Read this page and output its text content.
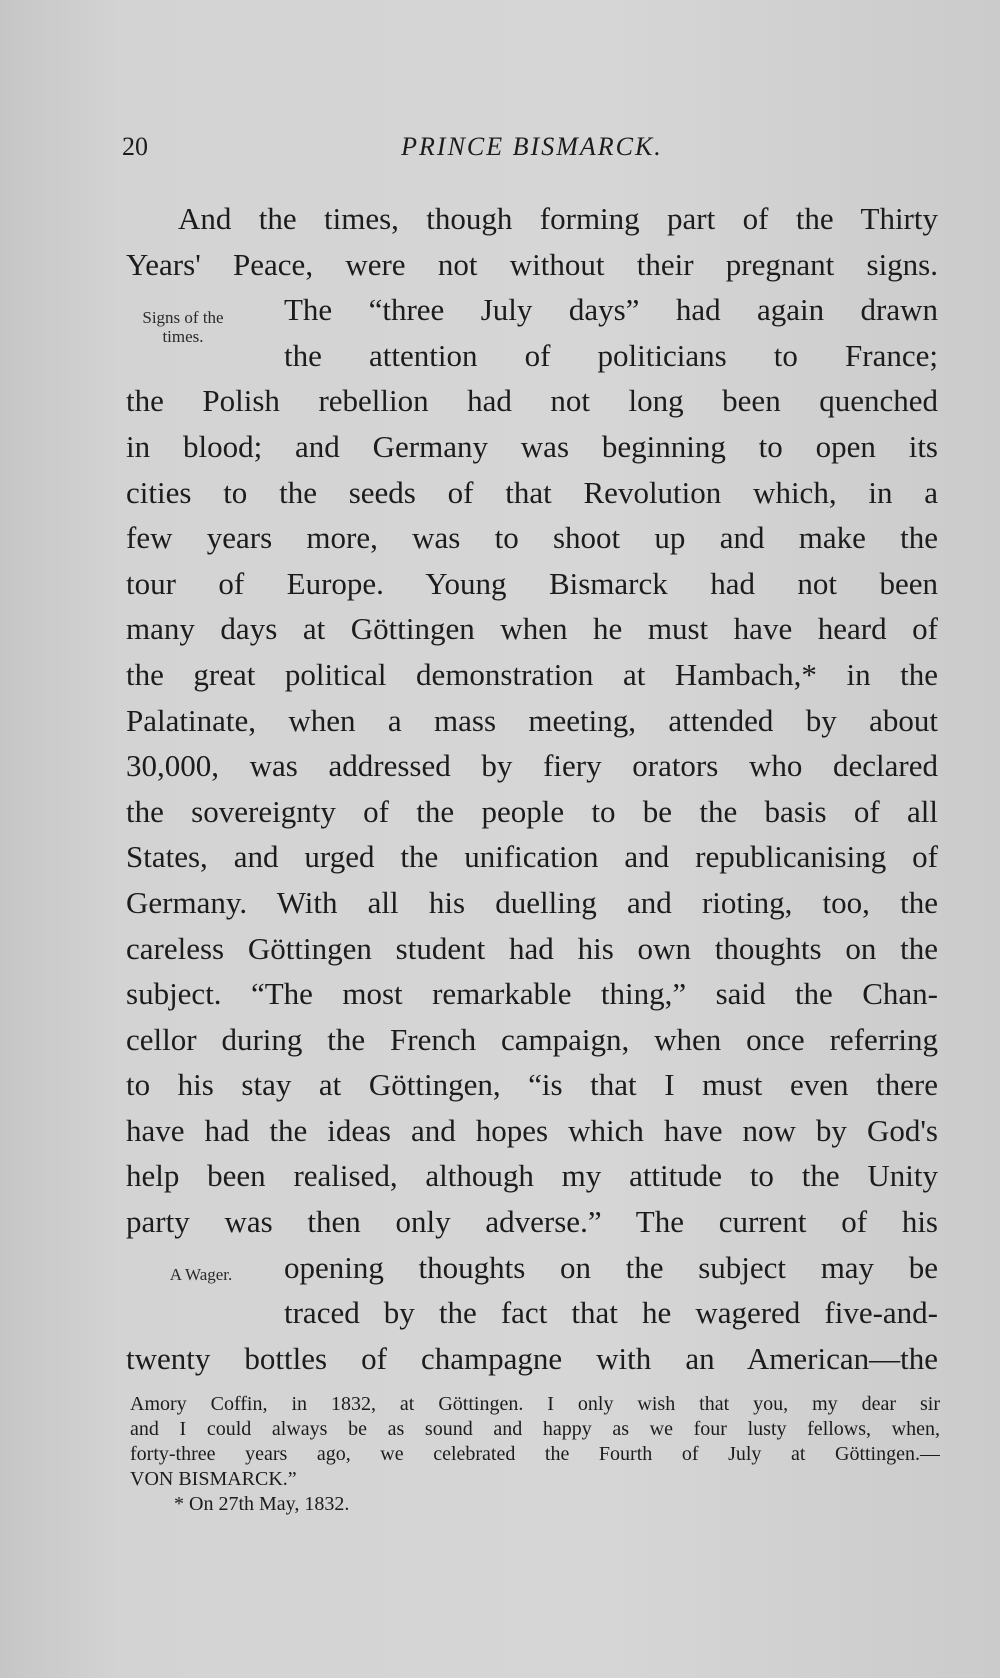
20	PRINCE BISMARCK.
Signs of the
times.
A Wager.
And the times, though forming part of the Thirty
Years' Peace, were not without their pregnant signs.
The “three July days” had again drawn
the attention of politicians to France;
the Polish rebellion had not long been quenched
in blood; and Germany was beginning to open its
cities to the seeds of that Revolution which, in a
few years more, was to shoot up and make the
tour of Europe. Young Bismarck had not been
many days at Göttingen when he must have heard of
the great political demonstration at Hambach,* in the
Palatinate, when a mass meeting, attended by about
30,000, was addressed by fiery orators who declared
the sovereignty of the people to be the basis of all
States, and urged the unification and republicanising of
Germany. With all his duelling and rioting, too, the
careless Göttingen student had his own thoughts on the
subject. “The most remarkable thing,” said the Chan-
cellor during the French campaign, when once referring
to his stay at Göttingen, “is that I must even there
have had the ideas and hopes which have now by God's
help been realised, although my attitude to the Unity
party was then only adverse.” The current of his
opening thoughts on the subject may be
traced by the fact that he wagered five-and-
twenty bottles of champagne with an American—the
Amory Coffin, in 1832, at Göttingen. I only wish that you, my dear sir
and I could always be as sound and happy as we four lusty fellows, when,
forty-three years ago, we celebrated the Fourth of July at Göttingen.—
VON BISMARCK.”
* On 27th May, 1832.
